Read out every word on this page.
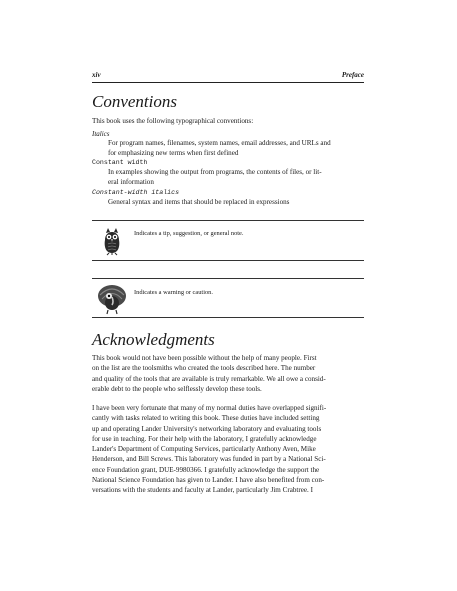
xiv	Preface
Conventions
This book uses the following typographical conventions:
Italics
For program names, filenames, system names, email addresses, and URLs and
for emphasizing new terms when first defined
Constant width
In examples showing the output from programs, the contents of files, or lit-
eral information
Constant-width italics
General syntax and items that should be replaced in expressions
Indicates a tip, suggestion, or general note.
Indicates a warning or caution.
Acknowledgments
This book would not have been possible without the help of many people. First
on the list are the toolsmiths who created the tools described here. The number
and quality of the tools that are available is truly remarkable. We all owe a consid-
erable debt to the people who selflessly develop these tools.
I have been very fortunate that many of my normal duties have overlapped signifi-
cantly with tasks related to writing this book. These duties have included setting
up and operating Lander University's networking laboratory and evaluating tools
for use in teaching. For their help with the laboratory, I gratefully acknowledge
Lander's Department of Computing Services, particularly Anthony Aven, Mike
Henderson, and Bill Screws. This laboratory was funded in part by a National Sci-
ence Foundation grant, DUE-9980366. I gratefully acknowledge the support the
National Science Foundation has given to Lander. I have also benefited from con-
versations with the students and faculty at Lander, particularly Jim Crabtree. I
